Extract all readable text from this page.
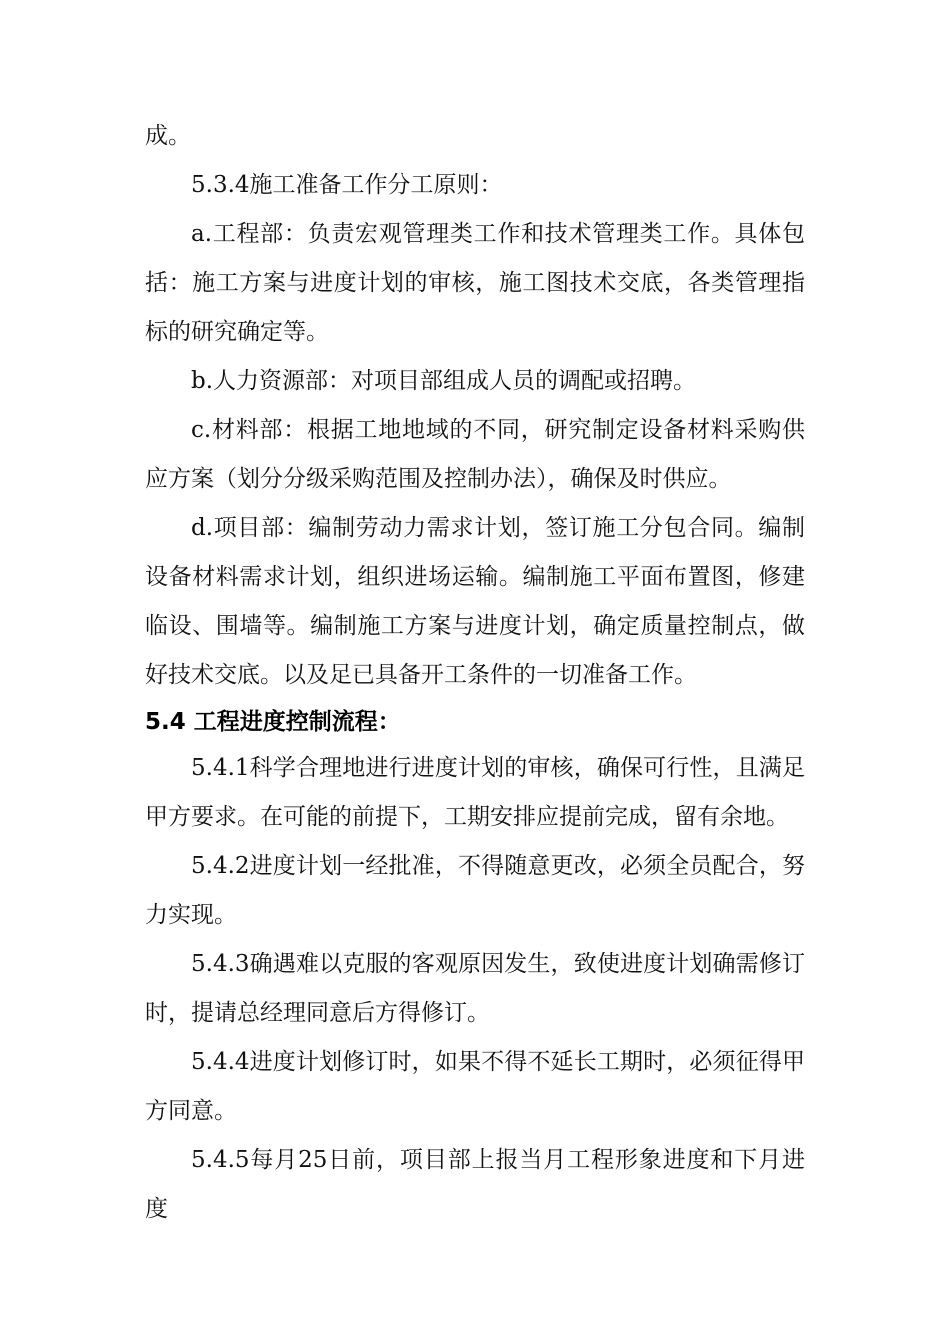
成。

5.3.4施工准备工作分工原则：

a.工程部：负责宏观管理类工作和技术管理类工作。具体包括：施工方案与进度计划的审核，施工图技术交底，各类管理指标的研究确定等。

b.人力资源部：对项目部组成人员的调配或招聘。

c.材料部：根据工地地域的不同，研究制定设备材料采购供应方案（划分分级采购范围及控制办法），确保及时供应。

d.项目部：编制劳动力需求计划，签订施工分包合同。编制设备材料需求计划，组织进场运输。编制施工平面布置图，修建临设、围墙等。编制施工方案与进度计划，确定质量控制点，做好技术交底。以及足已具备开工条件的一切准备工作。

5.4 工程进度控制流程：

5.4.1科学合理地进行进度计划的审核，确保可行性，且满足甲方要求。在可能的前提下，工期安排应提前完成，留有余地。

5.4.2进度计划一经批准，不得随意更改，必须全员配合，努力实现。

5.4.3确遇难以克服的客观原因发生，致使进度计划确需修订时，提请总经理同意后方得修订。

5.4.4进度计划修订时，如果不得不延长工期时，必须征得甲方同意。

5.4.5每月25日前，项目部上报当月工程形象进度和下月进度
